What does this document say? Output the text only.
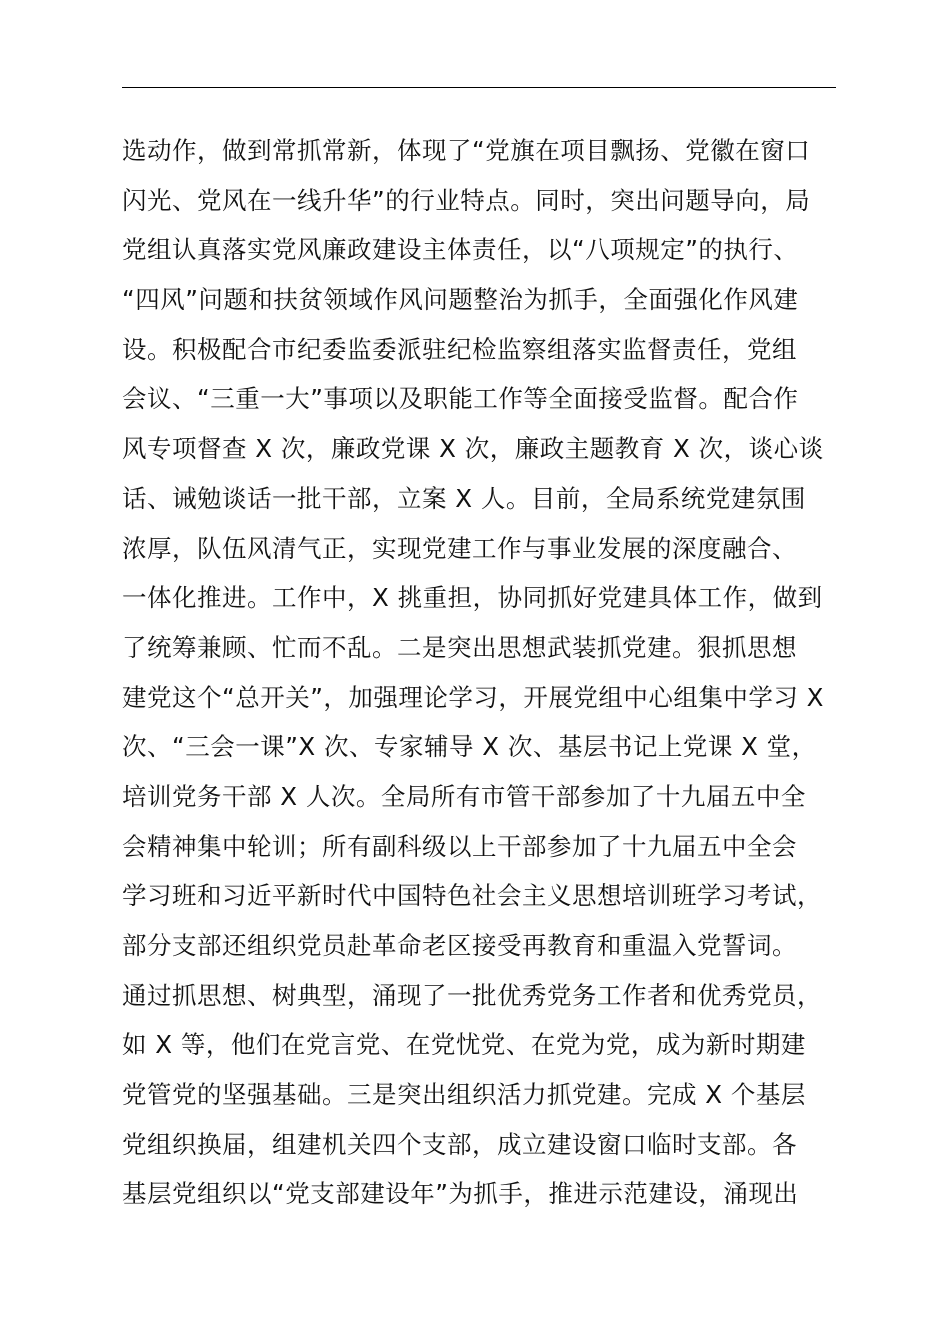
选动作，做到常抓常新，体现了“党旗在项目飘扬、党徽在窗口
闪光、党风在一线升华”的行业特点。同时，突出问题导向，局
党组认真落实党风廉政建设主体责任，以“八项规定”的执行、
“四风”问题和扶贫领域作风问题整治为抓手，全面强化作风建
设。积极配合市纪委监委派驻纪检监察组落实监督责任，党组
会议、“三重一大”事项以及职能工作等全面接受监督。配合作
风专项督查 X 次，廉政党课 X 次，廉政主题教育 X 次，谈心谈
话、诫勉谈话一批干部，立案 X 人。目前，全局系统党建氛围
浓厚，队伍风清气正，实现党建工作与事业发展的深度融合、
一体化推进。工作中，X 挑重担，协同抓好党建具体工作，做到
了统筹兼顾、忙而不乱。二是突出思想武装抓党建。狠抓思想
建党这个“总开关”，加强理论学习，开展党组中心组集中学习 X
次、“三会一课”X 次、专家辅导 X 次、基层书记上党课 X 堂，
培训党务干部 X 人次。全局所有市管干部参加了十九届五中全
会精神集中轮训；所有副科级以上干部参加了十九届五中全会
学习班和习近平新时代中国特色社会主义思想培训班学习考试，
部分支部还组织党员赴革命老区接受再教育和重温入党誓词。
通过抓思想、树典型，涌现了一批优秀党务工作者和优秀党员，
如 X 等，他们在党言党、在党忧党、在党为党，成为新时期建
党管党的坚强基础。三是突出组织活力抓党建。完成 X 个基层
党组织换届，组建机关四个支部，成立建设窗口临时支部。各
基层党组织以“党支部建设年”为抓手，推进示范建设，涌现出
